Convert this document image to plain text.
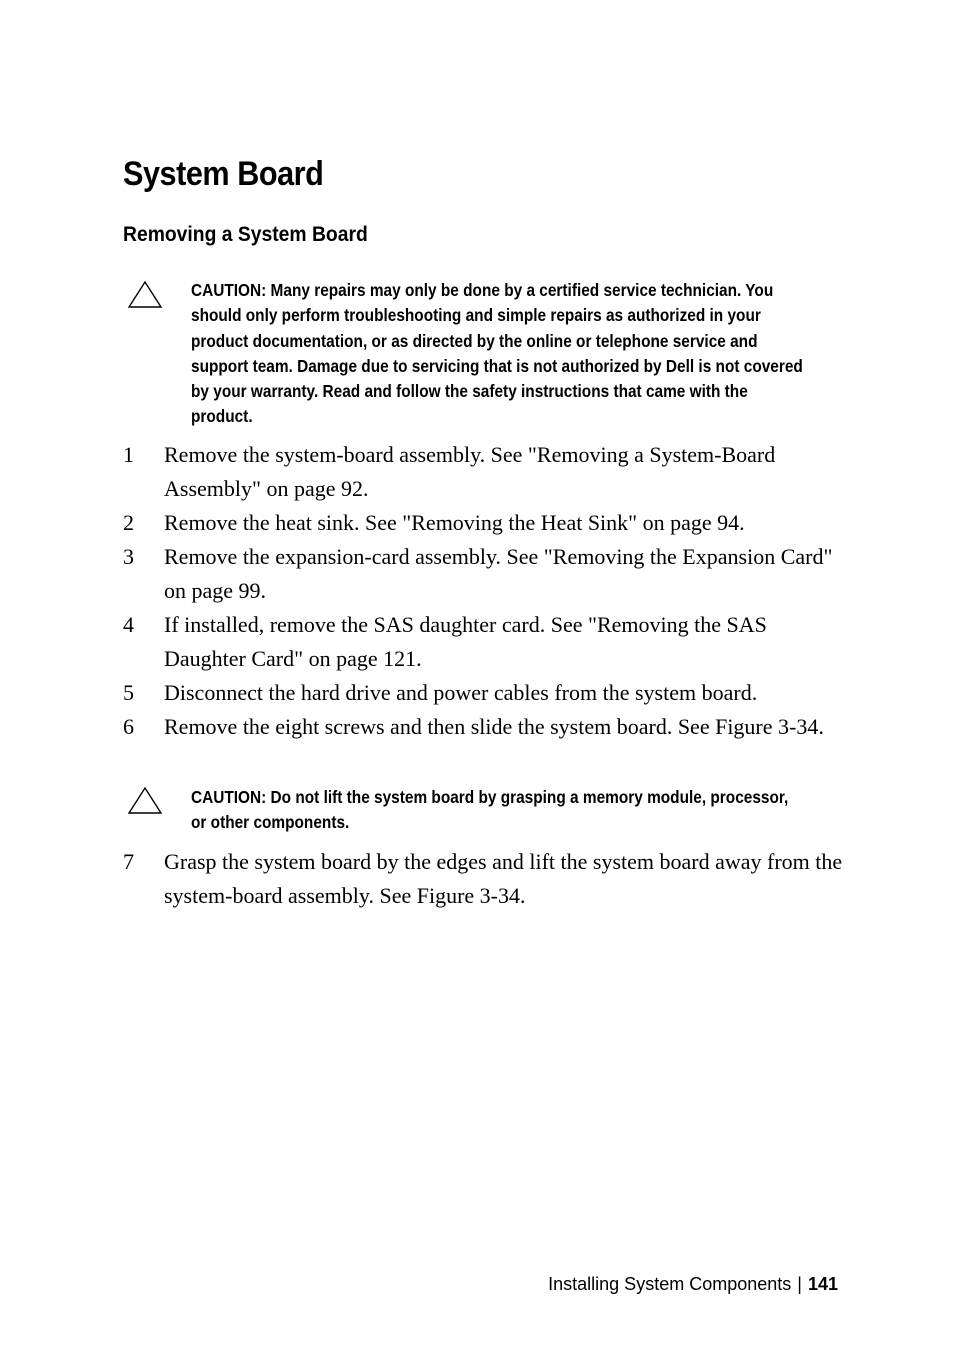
System Board
Removing a System Board
CAUTION: Many repairs may only be done by a certified service technician. You should only perform troubleshooting and simple repairs as authorized in your product documentation, or as directed by the online or telephone service and support team. Damage due to servicing that is not authorized by Dell is not covered by your warranty. Read and follow the safety instructions that came with the product.
1	Remove the system-board assembly. See "Removing a System-Board Assembly" on page 92.
2	Remove the heat sink. See "Removing the Heat Sink" on page 94.
3	Remove the expansion-card assembly. See "Removing the Expansion Card" on page 99.
4	If installed, remove the SAS daughter card. See "Removing the SAS Daughter Card" on page 121.
5	Disconnect the hard drive and power cables from the system board.
6	Remove the eight screws and then slide the system board. See Figure 3-34.
CAUTION: Do not lift the system board by grasping a memory module, processor, or other components.
7	Grasp the system board by the edges and lift the system board away from the system-board assembly. See Figure 3-34.
Installing System Components | 141
